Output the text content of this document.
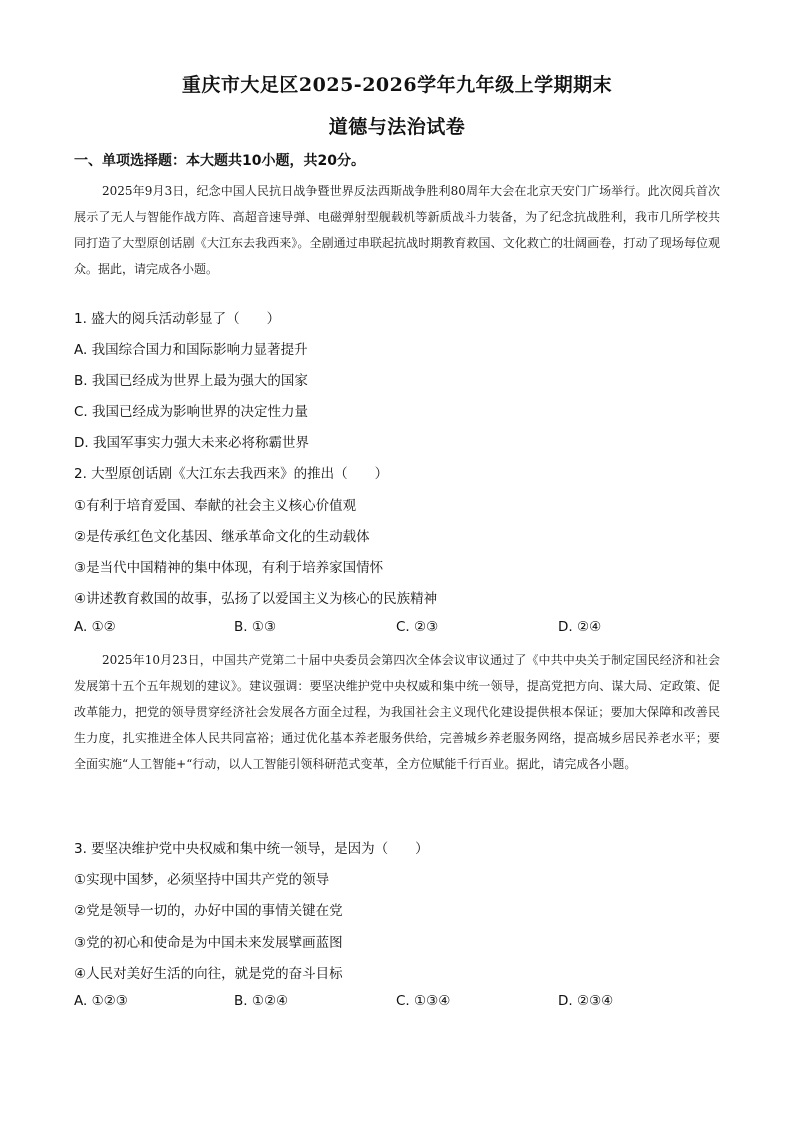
重庆市大足区2025-2026学年九年级上学期期末
道德与法治试卷
一、单项选择题：本大题共10小题，共20分。
2025年9月3日，纪念中国人民抗日战争暨世界反法西斯战争胜利80周年大会在北京天安门广场举行。此次阅兵首次展示了无人与智能作战方阵、高超音速导弹、电磁弹射型舰载机等新质战斗力装备，为了纪念抗战胜利，我市几所学校共同打造了大型原创话剧《大江东去我西来》。全剧通过串联起抗战时期教育救国、文化救亡的壮阔画卷，打动了现场每位观众。据此，请完成各小题。
1. 盛大的阅兵活动彰显了（　　）
A. 我国综合国力和国际影响力显著提升
B. 我国已经成为世界上最为强大的国家
C. 我国已经成为影响世界的决定性力量
D. 我国军事实力强大未来必将称霸世界
2. 大型原创话剧《大江东去我西来》的推出（　　）
①有利于培育爱国、奉献的社会主义核心价值观
②是传承红色文化基因、继承革命文化的生动载体
③是当代中国精神的集中体现，有利于培养家国情怀
④讲述教育救国的故事，弘扬了以爱国主义为核心的民族精神
A. ①②	B. ①③	C. ②③	D. ②④
2025年10月23日，中国共产党第二十届中央委员会第四次全体会议审议通过了《中共中央关于制定国民经济和社会发展第十五个五年规划的建议》。建议强调：要坚决维护党中央权威和集中统一领导，提高党把方向、谋大局、定政策、促改革能力，把党的领导贯穿经济社会发展各方面全过程，为我国社会主义现代化建设提供根本保证；要加大保障和改善民生力度，扎实推进全体人民共同富裕；通过优化基本养老服务供给，完善城乡养老服务网络，提高城乡居民养老水平；要全面实施“人工智能+“行动，以人工智能引领科研范式变革，全方位赋能千行百业。据此，请完成各小题。
3. 要坚决维护党中央权威和集中统一领导，是因为（　　）
①实现中国梦，必须坚持中国共产党的领导
②党是领导一切的，办好中国的事情关键在党
③党的初心和使命是为中国未来发展擘画蓝图
④人民对美好生活的向往，就是党的奋斗目标
A. ①②③	B. ①②④	C. ①③④	D. ②③④
